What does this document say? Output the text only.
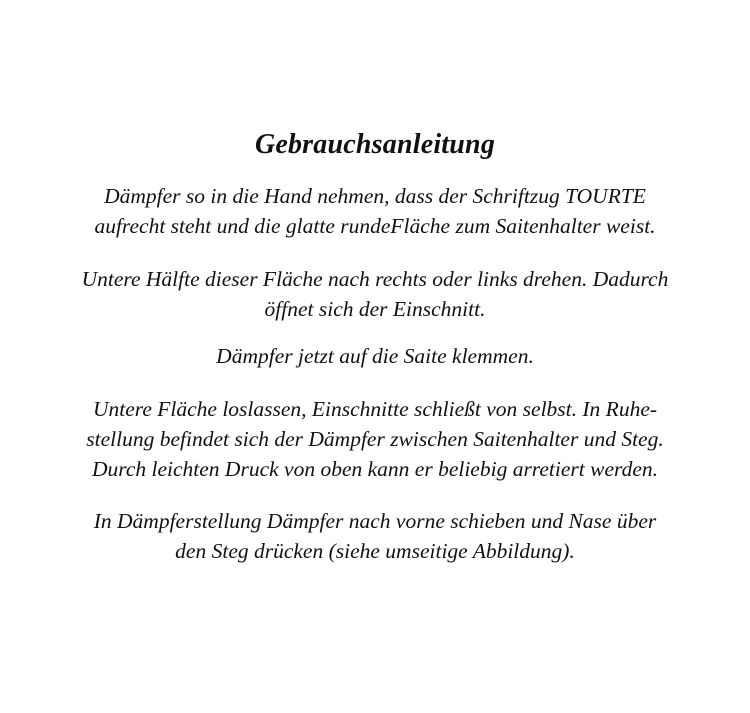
Gebrauchsanleitung

Dämpfer so in die Hand nehmen, dass der Schriftzug TOURTE
aufrecht steht und die glatte rundeFläche zum Saitenhalter weist.

Untere Hälfte dieser Fläche nach rechts oder links drehen. Dadurch
öffnet sich der Einschnitt.

Dämpfer jetzt auf die Saite klemmen.

Untere Fläche loslassen, Einschnitte schließt von selbst. In Ruhe-
stellung befindet sich der Dämpfer zwischen Saitenhalter und Steg.
Durch leichten Druck von oben kann er beliebig arretiert werden.

In Dämpferstellung Dämpfer nach vorne schieben und Nase über
den Steg drücken (siehe umseitige Abbildung).
